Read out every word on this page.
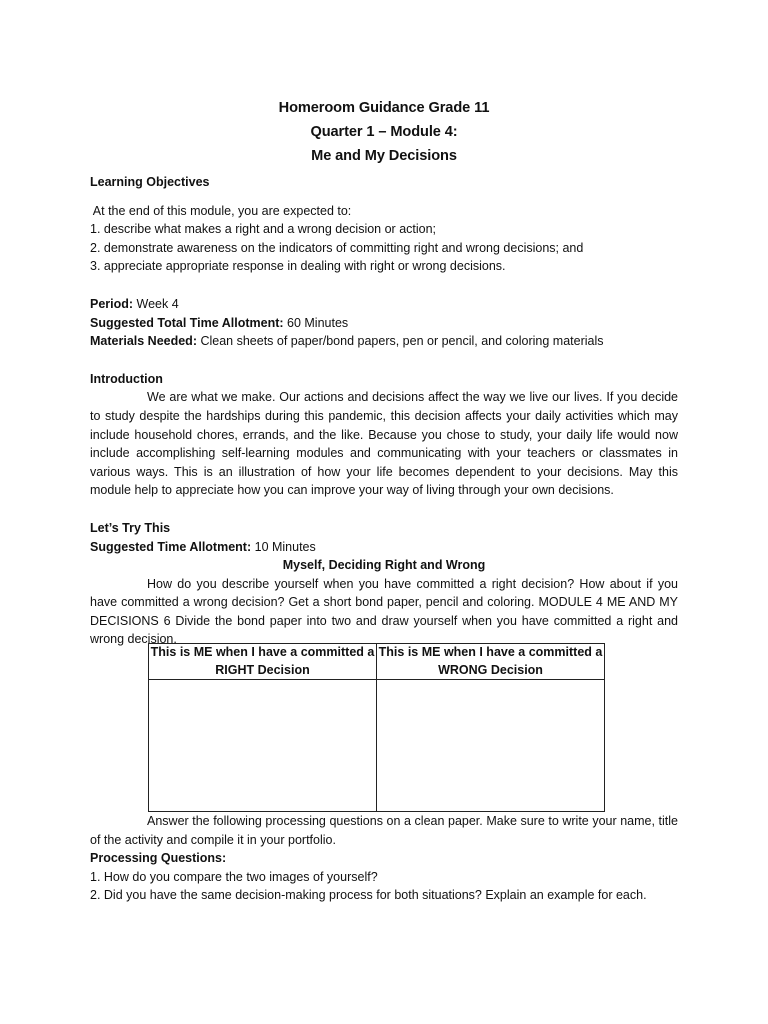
Homeroom Guidance Grade 11
Quarter 1 – Module 4:
Me and My Decisions
Learning Objectives
At the end of this module, you are expected to:
1. describe what makes a right and a wrong decision or action;
2. demonstrate awareness on the indicators of committing right and wrong decisions; and
3. appreciate appropriate response in dealing with right or wrong decisions.
Period: Week 4
Suggested Total Time Allotment: 60 Minutes
Materials Needed: Clean sheets of paper/bond papers, pen or pencil, and coloring materials
Introduction
We are what we make. Our actions and decisions affect the way we live our lives. If you decide to study despite the hardships during this pandemic, this decision affects your daily activities which may include household chores, errands, and the like. Because you chose to study, your daily life would now include accomplishing self-learning modules and communicating with your teachers or classmates in various ways. This is an illustration of how your life becomes dependent to your decisions. May this module help to appreciate how you can improve your way of living through your own decisions.
Let’s Try This
Suggested Time Allotment: 10 Minutes
Myself, Deciding Right and Wrong
How do you describe yourself when you have committed a right decision? How about if you have committed a wrong decision? Get a short bond paper, pencil and coloring. MODULE 4 ME AND MY DECISIONS 6 Divide the bond paper into two and draw yourself when you have committed a right and wrong decision.
This is ME when I have a committed a RIGHT Decision	This is ME when I have a committed a WRONG Decision

Answer the following processing questions on a clean paper. Make sure to write your name, title of the activity and compile it in your portfolio.
Processing Questions:
1. How do you compare the two images of yourself?
2. Did you have the same decision-making process for both situations? Explain an example for each.
